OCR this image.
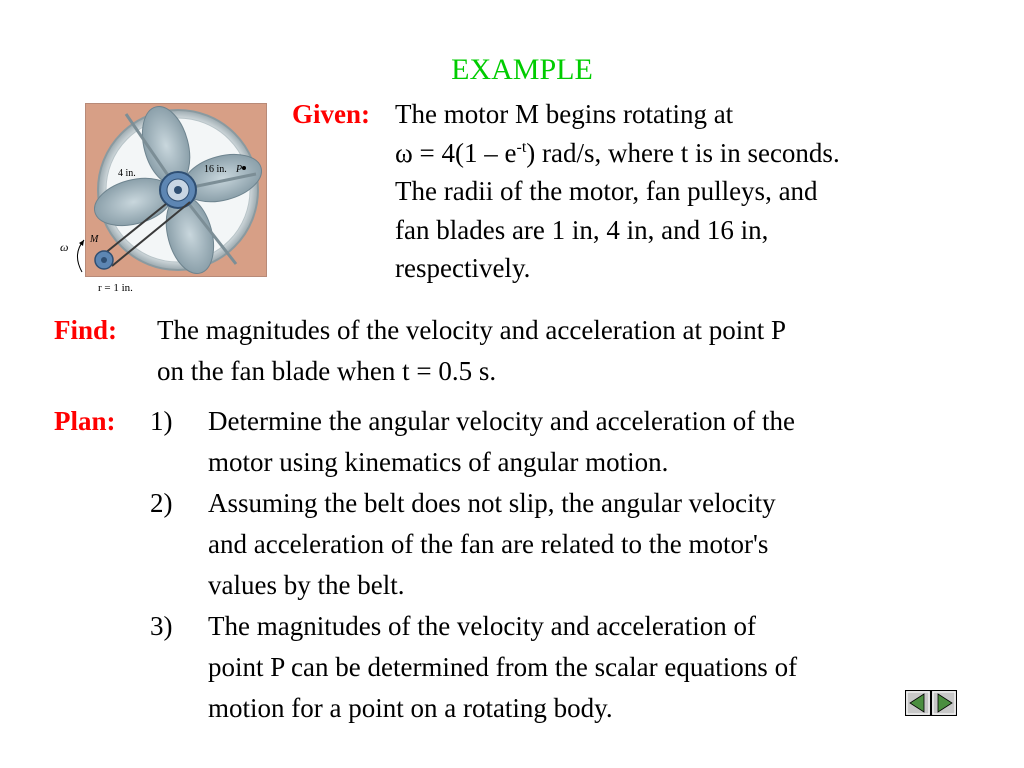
EXAMPLE
4 in.	16 in. P
M
ω
r = 1 in.
Given: The motor M begins rotating at
$\omega = 4(1 - e^{-t})$ rad/s, where t is in seconds.
The radii of the motor, fan pulleys, and
fan blades are 1 in, 4 in, and 16 in,
respectively.
Find: The magnitudes of the velocity and acceleration at point P
on the fan blade when t = 0.5 s.
Plan: 1) Determine the angular velocity and acceleration of the
motor using kinematics of angular motion.
2) Assuming the belt does not slip, the angular velocity
and acceleration of the fan are related to the motor's
values by the belt.
3) The magnitudes of the velocity and acceleration of
point P can be determined from the scalar equations of
motion for a point on a rotating body.
